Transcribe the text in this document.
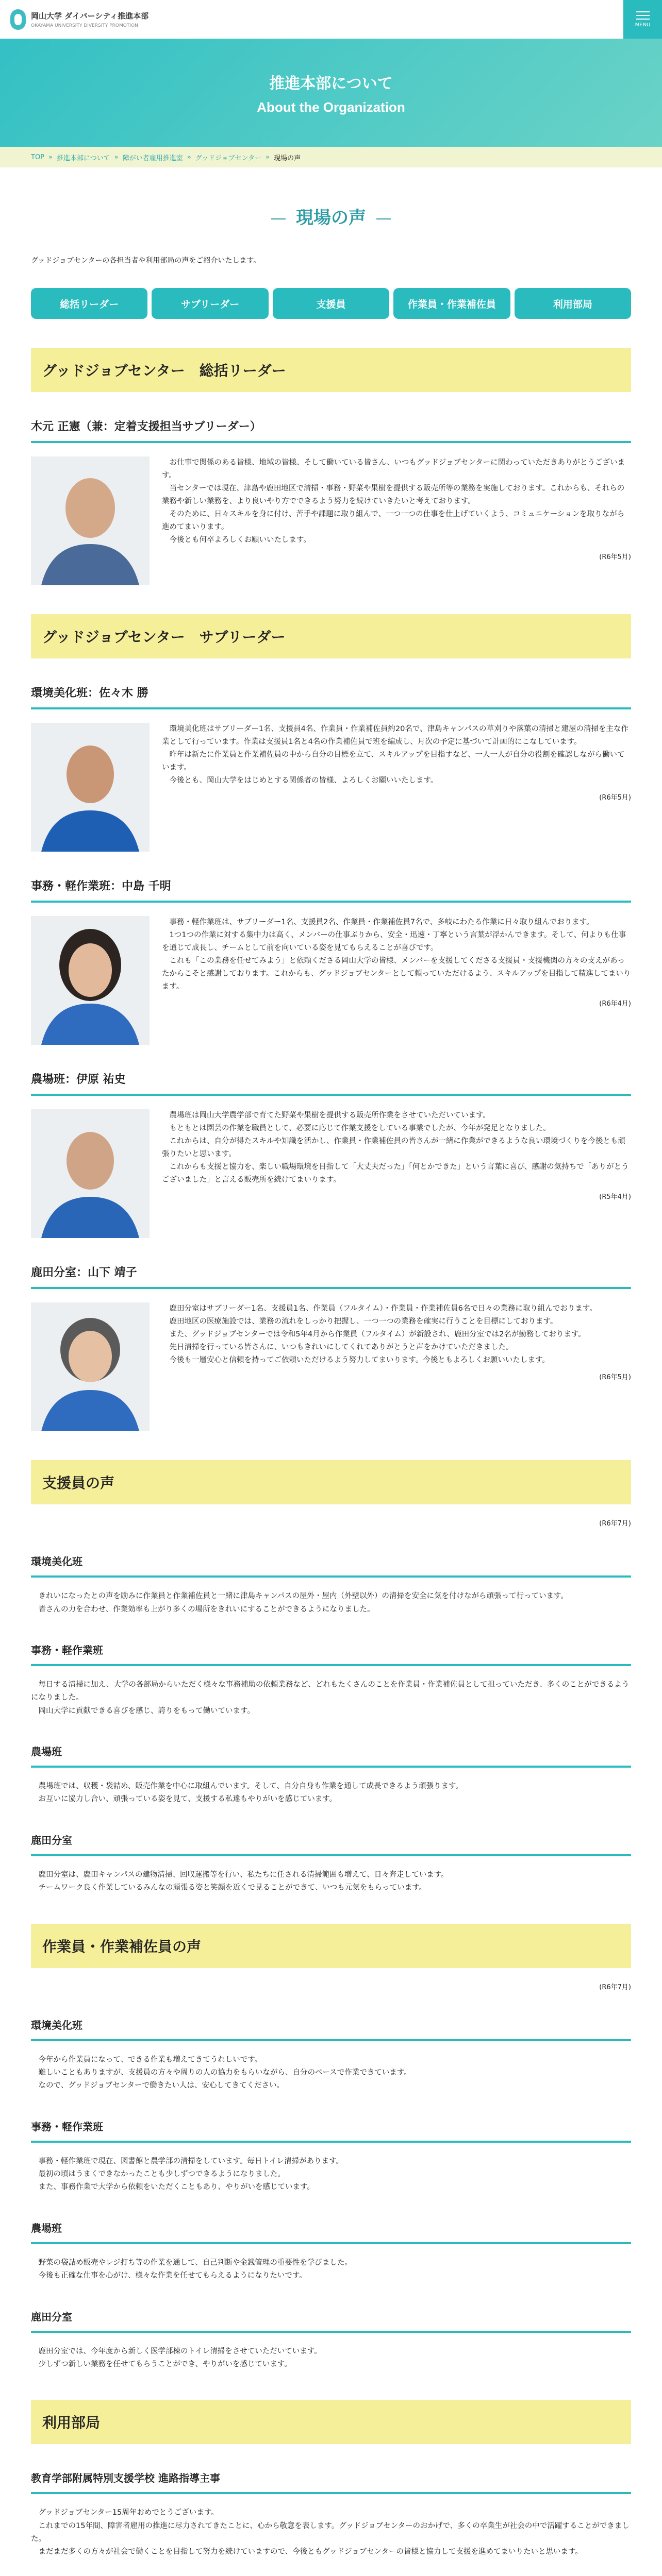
岡山大学 ダイバーシティ推進本部
OKAYAMA UNIVERSITY DIVERSITY PROMOTION	MENU
推進本部について
About the Organization
TOP » 推進本部について » 障がい者雇用推進室 » グッドジョブセンター » 現場の声
現場の声

グッドジョブセンターの各担当者や利用部局の声をご紹介いたします。

総括リーダー	サブリーダー	支援員	作業員・作業補佐員	利用部局
グッドジョブセンター　総括リーダー
木元 正憲（兼：定着支援担当サブリーダー）

お仕事で関係のある皆様、地域の皆様、そして働いている皆さん、いつもグッドジョブセンターに関わっていただきありがとうございます。

当センターでは現在、津島や鹿田地区で清掃・事務・野菜や果樹を提供する販売所等の業務を実施しております。これからも、それらの業務や新しい業務を、より良いやり方でできるよう努力を続けていきたいと考えております。

そのために、日々スキルを身に付け、苦手や課題に取り組んで、一つ一つの仕事を仕上げていくよう、コミュニケーションを取りながら進めてまいります。

今後とも何卒よろしくお願いいたします。

(R6年5月)
グッドジョブセンター　サブリーダー
環境美化班：佐々木 勝

環境美化班はサブリーダー1名、支援員4名、作業員・作業補佐員約20名で、津島キャンパスの草刈りや落葉の清掃と建屋の清掃を主な作業として行っています。作業は支援員1名と4名の作業補佐員で班を編成し、月次の予定に基づいて計画的にこなしています。

昨年は新たに作業員と作業補佐員の中から自分の目標を立て、スキルアップを目指すなど、一人一人が自分の役割を確認しながら働いています。

今後とも、岡山大学をはじめとする関係者の皆様、よろしくお願いいたします。

(R6年5月)
事務・軽作業班：中島 千明

事務・軽作業班は、サブリーダー1名、支援員2名、作業員・作業補佐員7名で、多岐にわたる作業に日々取り組んでおります。

1つ1つの作業に対する集中力は高く、メンバーの仕事ぶりから、安全・迅速・丁寧という言葉が浮かんできます。そして、何よりも仕事を通じて成長し、チームとして前を向いている姿を見てもらえることが喜びです。

これも「この業務を任せてみよう」と依頼くださる岡山大学の皆様、メンバーを支援してくださる支援員・支援機関の方々の支えがあったからこそと感謝しております。これからも、グッドジョブセンターとして頼っていただけるよう、スキルアップを目指して精進してまいります。

(R6年4月)
農場班：伊原 祐史

農場班は岡山大学農学部で育てた野菜や果樹を提供する販売所作業をさせていただいています。

もともとは園芸の作業を職員として、必要に応じて作業支援をしている事業でしたが、今年が発足となりました。

これからは、自分が得たスキルや知識を活かし、作業員・作業補佐員の皆さんが一緒に作業ができるような良い環境づくりを今後とも頑張りたいと思います。

これからも支援と協力を、楽しい職場環境を目指して「大丈夫だった」「何とかできた」という言葉に喜び、感謝の気持ちで「ありがとうございました」と言える販売所を続けてまいります。

(R5年4月)
鹿田分室：山下 靖子

鹿田分室はサブリーダー1名、支援員1名、作業員（フルタイム）・作業員・作業補佐員6名で日々の業務に取り組んでおります。

鹿田地区の医療施設では、業務の流れをしっかり把握し、一つ一つの業務を確実に行うことを目標にしております。

また、グッドジョブセンターでは令和5年4月から作業員（フルタイム）が新設され、鹿田分室では2名が勤務しております。

先日清掃を行っている皆さんに、いつもきれいにしてくれてありがとうと声をかけていただきました。

今後も一層安心と信頼を持ってご依頼いただけるよう努力してまいります。今後ともよろしくお願いいたします。

(R6年5月)
支援員の声
(R6年7月)
環境美化班

きれいになったとの声を励みに作業員と作業補佐員と一緒に津島キャンパスの屋外・屋内（外壁以外）の清掃を安全に気を付けながら頑張って行っています。

皆さんの力を合わせ、作業効率も上がり多くの場所をきれいにすることができるようになりました。

事務・軽作業班

毎日する清掃に加え、大学の各部局からいただく様々な事務補助の依頼業務など、どれもたくさんのことを作業員・作業補佐員として担っていただき、多くのことができるようになりました。

岡山大学に貢献できる喜びを感じ、誇りをもって働いています。

農場班

農場班では、収穫・袋詰め、販売作業を中心に取組んでいます。そして、自分自身も作業を通して成長できるよう頑張ります。

お互いに協力し合い、頑張っている姿を見て、支援する私達もやりがいを感じています。

鹿田分室

鹿田分室は、鹿田キャンパスの建物清掃、回収運搬等を行い、私たちに任される清掃範囲も増えて、日々奔走しています。

チームワーク良く作業しているみんなの頑張る姿と笑顔を近くで見ることができて、いつも元気をもらっています。

作業員・作業補佐員の声
(R6年7月)
環境美化班

今年から作業員になって、できる作業も増えてきてうれしいです。

難しいこともありますが、支援員の方々や周りの人の協力をもらいながら、自分のペースで作業できています。

なので、グッドジョブセンターで働きたい人は、安心してきてください。

事務・軽作業班

事務・軽作業班で現在、図書館と農学部の清掃をしています。毎日トイレ清掃があります。

最初の頃はうまくできなかったことも少しずつできるようになりました。

また、事務作業で大学から依頼をいただくこともあり、やりがいを感じています。

農場班

野菜の袋詰め販売やレジ打ち等の作業を通して、自己判断や金銭管理の重要性を学びました。

今後も正確な仕事を心がけ、様々な作業を任せてもらえるようになりたいです。

鹿田分室

鹿田分室では、今年度から新しく医学部棟のトイレ清掃をさせていただいています。

少しずつ新しい業務を任せてもらうことができ、やりがいを感じています。

利用部局
教育学部附属特別支援学校 進路指導主事

グッドジョブセンター15周年おめでとうございます。

これまでの15年間、障害者雇用の推進に尽力されてきたことに、心から敬意を表します。グッドジョブセンターのおかげで、多くの卒業生が社会の中で活躍することができました。

まだまだ多くの方々が社会で働くことを目指して努力を続けていますので、今後ともグッドジョブセンターの皆様と協力して支援を進めてまいりたいと思います。
